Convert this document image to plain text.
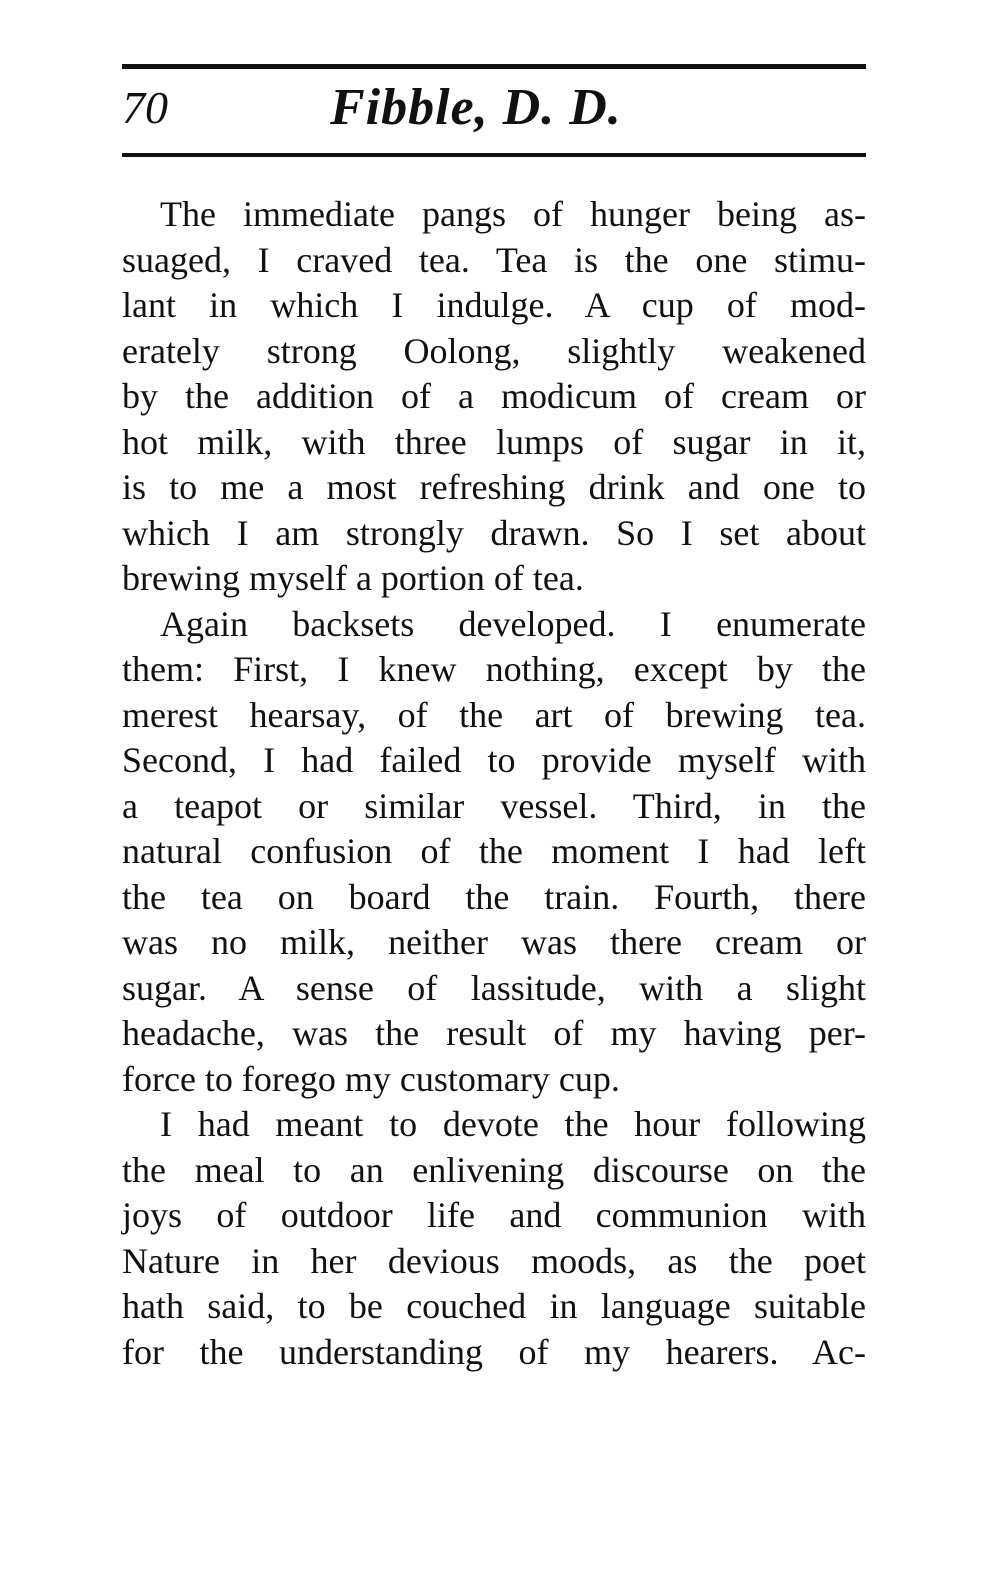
70	Fibble, D. D.
The immediate pangs of hunger being as-
suaged, I craved tea. Tea is the one stimu-
lant in which I indulge. A cup of mod-
erately strong Oolong, slightly weakened
by the addition of a modicum of cream or
hot milk, with three lumps of sugar in it,
is to me a most refreshing drink and one to
which I am strongly drawn. So I set about
brewing myself a portion of tea.
Again backsets developed. I enumerate
them: First, I knew nothing, except by the
merest hearsay, of the art of brewing tea.
Second, I had failed to provide myself with
a teapot or similar vessel. Third, in the
natural confusion of the moment I had left
the tea on board the train. Fourth, there
was no milk, neither was there cream or
sugar. A sense of lassitude, with a slight
headache, was the result of my having per-
force to forego my customary cup.
I had meant to devote the hour following
the meal to an enlivening discourse on the
joys of outdoor life and communion with
Nature in her devious moods, as the poet
hath said, to be couched in language suitable
for the understanding of my hearers. Ac-
